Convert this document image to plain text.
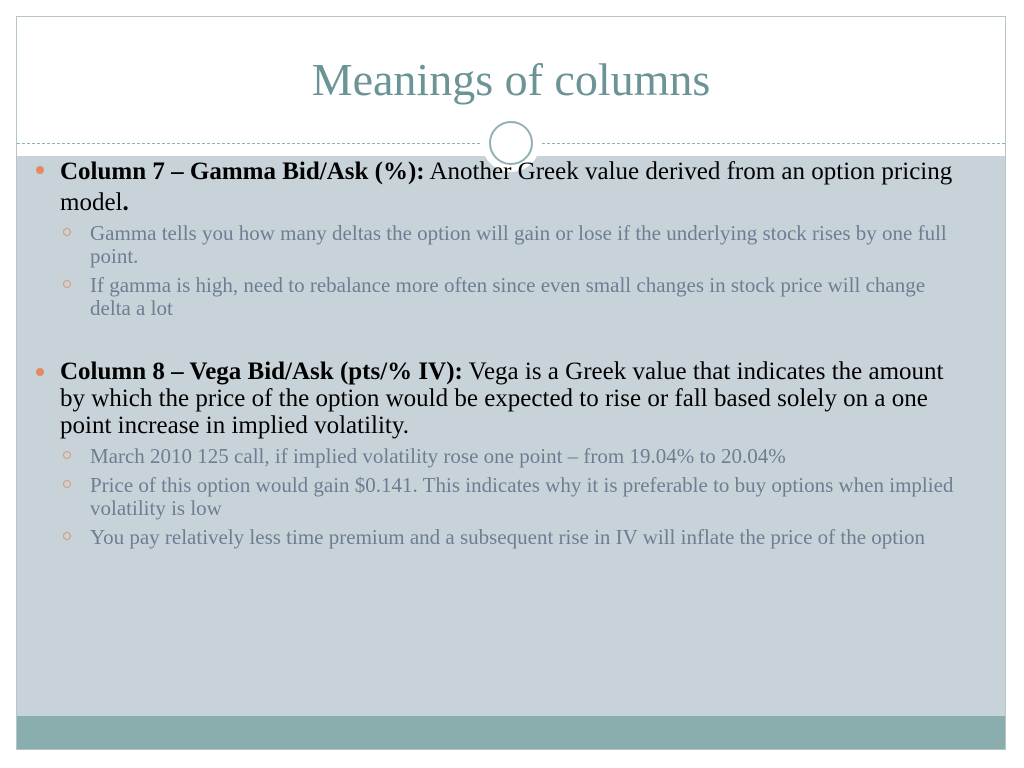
Meanings of columns
Column 7 – Gamma Bid/Ask (%): Another Greek value derived from an option pricing model.
Gamma tells you how many deltas the option will gain or lose if the underlying stock rises by one full point.
If gamma is high, need to rebalance more often since even small changes in stock price will change delta a lot
Column 8 – Vega Bid/Ask (pts/% IV): Vega is a Greek value that indicates the amount by which the price of the option would be expected to rise or fall based solely on a one point increase in implied volatility.
March 2010 125 call, if implied volatility rose one point – from 19.04% to 20.04%
Price of this option would gain $0.141. This indicates why it is preferable to buy options when implied volatility is low
You pay relatively less time premium and a subsequent rise in IV will inflate the price of the option
